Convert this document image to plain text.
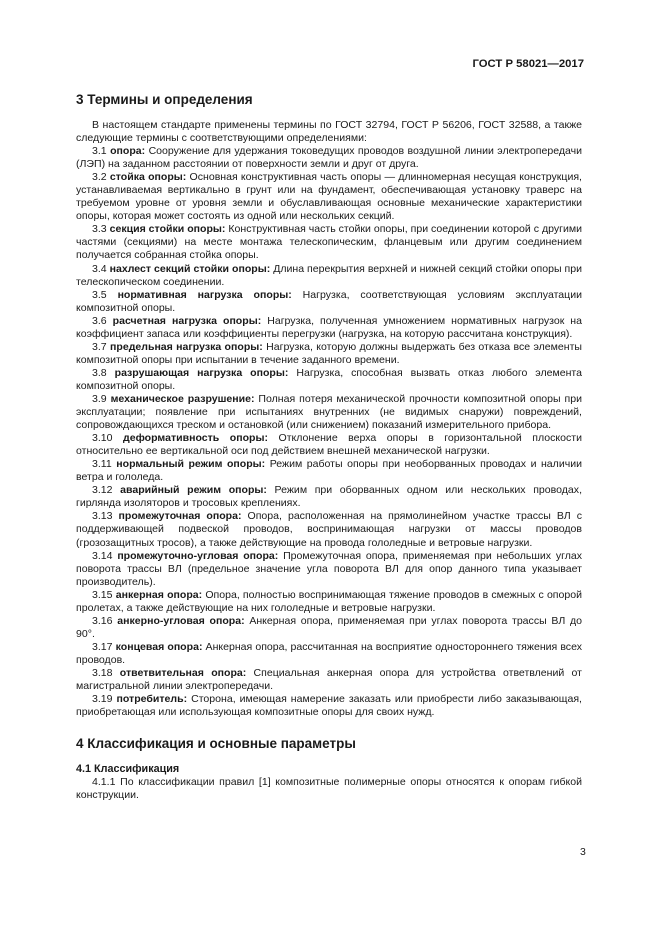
ГОСТ Р 58021—2017
3 Термины и определения

В настоящем стандарте применены термины по ГОСТ 32794, ГОСТ Р 56206, ГОСТ 32588, а также следующие термины с соответствующими определениями:

3.1 опора: Сооружение для удержания токоведущих проводов воздушной линии электропередачи (ЛЭП) на заданном расстоянии от поверхности земли и друг от друга.

3.2 стойка опоры: Основная конструктивная часть опоры — длинномерная несущая конструкция, устанавливаемая вертикально в грунт или на фундамент, обеспечивающая установку траверс на требуемом уровне от уровня земли и обуславливающая основные механические характеристики опоры, которая может состоять из одной или нескольких секций.

3.3 секция стойки опоры: Конструктивная часть стойки опоры, при соединении которой с другими частями (секциями) на месте монтажа телескопическим, фланцевым или другим соединением получается собранная стойка опоры.

3.4 нахлест секций стойки опоры: Длина перекрытия верхней и нижней секций стойки опоры при телескопическом соединении.

3.5 нормативная нагрузка опоры: Нагрузка, соответствующая условиям эксплуатации композитной опоры.

3.6 расчетная нагрузка опоры: Нагрузка, полученная умножением нормативных нагрузок на коэффициент запаса или коэффициенты перегрузки (нагрузка, на которую рассчитана конструкция).

3.7 предельная нагрузка опоры: Нагрузка, которую должны выдержать без отказа все элементы композитной опоры при испытании в течение заданного времени.

3.8 разрушающая нагрузка опоры: Нагрузка, способная вызвать отказ любого элемента композитной опоры.

3.9 механическое разрушение: Полная потеря механической прочности композитной опоры при эксплуатации; появление при испытаниях внутренних (не видимых снаружи) повреждений, сопровождающихся треском и остановкой (или снижением) показаний измерительного прибора.

3.10 деформативность опоры: Отклонение верха опоры в горизонтальной плоскости относительно ее вертикальной оси под действием внешней механической нагрузки.

3.11 нормальный режим опоры: Режим работы опоры при необорванных проводах и наличии ветра и гололеда.

3.12 аварийный режим опоры: Режим при оборванных одном или нескольких проводах, гирлянда изоляторов и тросовых креплениях.

3.13 промежуточная опора: Опора, расположенная на прямолинейном участке трассы ВЛ с поддерживающей подвеской проводов, воспринимающая нагрузки от массы проводов (грозозащитных тросов), а также действующие на провода гололедные и ветровые нагрузки.

3.14 промежуточно-угловая опора: Промежуточная опора, применяемая при небольших углах поворота трассы ВЛ (предельное значение угла поворота ВЛ для опор данного типа указывает производитель).

3.15 анкерная опора: Опора, полностью воспринимающая тяжение проводов в смежных с опорой пролетах, а также действующие на них гололедные и ветровые нагрузки.

3.16 анкерно-угловая опора: Анкерная опора, применяемая при углах поворота трассы ВЛ до 90°.

3.17 концевая опора: Анкерная опора, рассчитанная на восприятие одностороннего тяжения всех проводов.

3.18 ответвительная опора: Специальная анкерная опора для устройства ответвлений от магистральной линии электропередачи.

3.19 потребитель: Сторона, имеющая намерение заказать или приобрести либо заказывающая, приобретающая или использующая композитные опоры для своих нужд.

4 Классификация и основные параметры
4.1 Классификация

4.1.1 По классификации правил [1] композитные полимерные опоры относятся к опорам гибкой конструкции.

3
